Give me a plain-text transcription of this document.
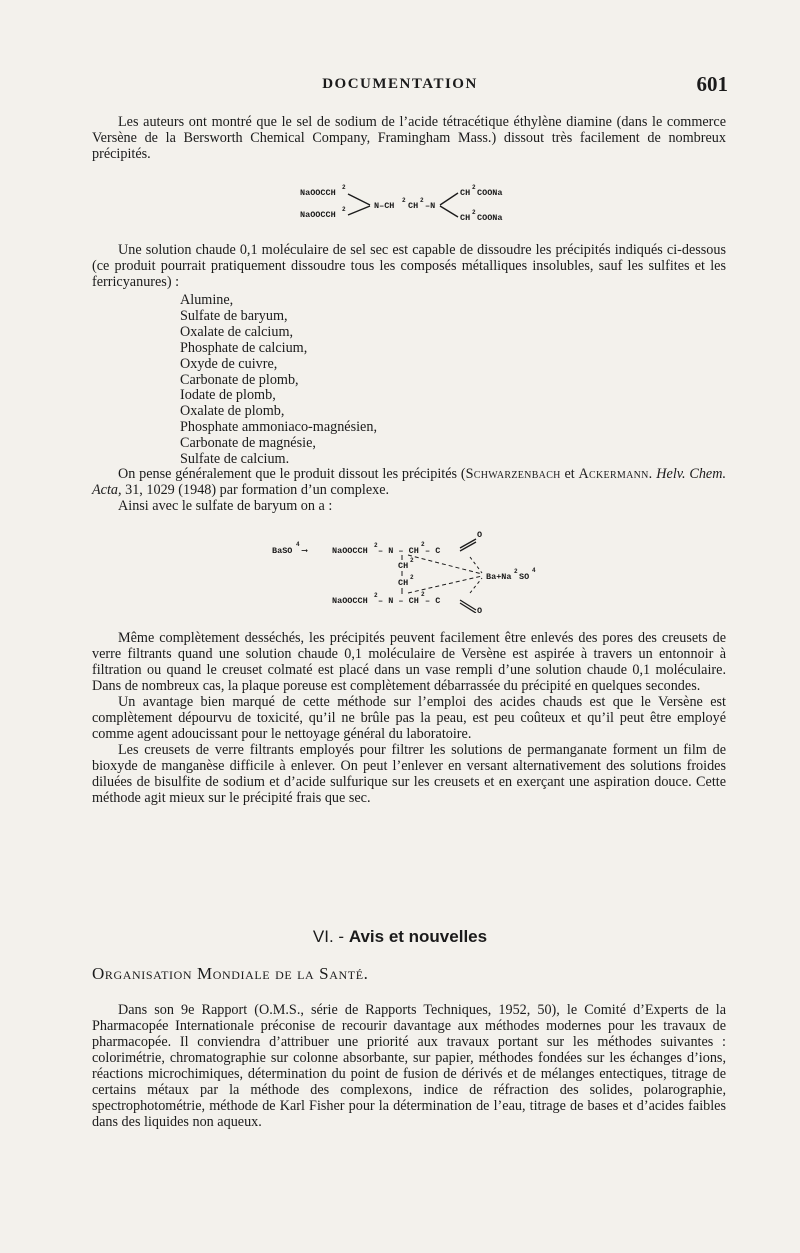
DOCUMENTATION	601

Les auteurs ont montré que le sel de sodium de l’acide tétracétique éthylène diamine (dans le commerce Versène de la Bersworth Chemical Company, Framingham Mass.) dissout très facilement de nombreux précipités.

NaOOCCH
2
NaOOCCH
2	N–CH
2
CH
2
–N
CH
2
COONa
CH
2
COONa

Une solution chaude 0,1 moléculaire de sel sec est capable de dissoudre les précipités indiqués ci-dessous (ce produit pourrait pratiquement dissoudre tous les composés métalliques insolubles, sauf les sulfites et les ferricyanures) :

Alumine,
Sulfate de baryum,
Oxalate de calcium,
Phosphate de calcium,
Oxyde de cuivre,
Carbonate de plomb,
Iodate de plomb,
Oxalate de plomb,
Phosphate ammoniaco-magnésien,
Carbonate de magnésie,
Sulfate de calcium.

On pense généralement que le produit dissout les précipités (Schwarzenbach et Ackermann. Helv. Chem. Acta, 31, 1029 (1948) par formation d’un complexe.

Ainsi avec le sulfate de baryum on a :

BaSO
4
⟶	NaOOCCH
2
– N – CH
2
– C
O
CH
2
CH
2	Ba+Na
2
SO
4
NaOOCCH
2
– N – CH
2
– C
O

Même complètement desséchés, les précipités peuvent facilement être enlevés des pores des creusets de verre filtrants quand une solution chaude 0,1 moléculaire de Versène est aspirée à travers un entonnoir à filtration ou quand le creuset colmaté est placé dans un vase rempli d’une solution chaude 0,1 moléculaire. Dans de nombreux cas, la plaque poreuse est complètement débarrassée du précipité en quelques secondes.

Un avantage bien marqué de cette méthode sur l’emploi des acides chauds est que le Versène est complètement dépourvu de toxicité, qu’il ne brûle pas la peau, est peu coûteux et qu’il peut être employé comme agent adoucissant pour le nettoyage général du laboratoire.

Les creusets de verre filtrants employés pour filtrer les solutions de permanganate forment un film de bioxyde de manganèse difficile à enlever. On peut l’enlever en versant alternativement des solutions froides diluées de bisulfite de sodium et d’acide sulfurique sur les creusets et en exerçant une aspiration douce. Cette méthode agit mieux sur le précipité frais que sec.

VI. - Avis et nouvelles
Organisation Mondiale de la Santé.

Dans son 9e Rapport (O.M.S., série de Rapports Techniques, 1952, 50), le Comité d’Experts de la Pharmacopée Internationale préconise de recourir davantage aux méthodes modernes pour les travaux de pharmacopée. Il conviendra d’attribuer une priorité aux travaux portant sur les méthodes suivantes : colorimétrie, chromatographie sur colonne absorbante, sur papier, méthodes fondées sur les échanges d’ions, réactions microchimiques, détermination du point de fusion de dérivés et de mélanges entectiques, titrage de certains métaux par la méthode des complexons, indice de réfraction des solides, polarographie, spectrophotométrie, méthode de Karl Fisher pour la détermination de l’eau, titrage de bases et d’acides faibles dans des liquides non aqueux.
